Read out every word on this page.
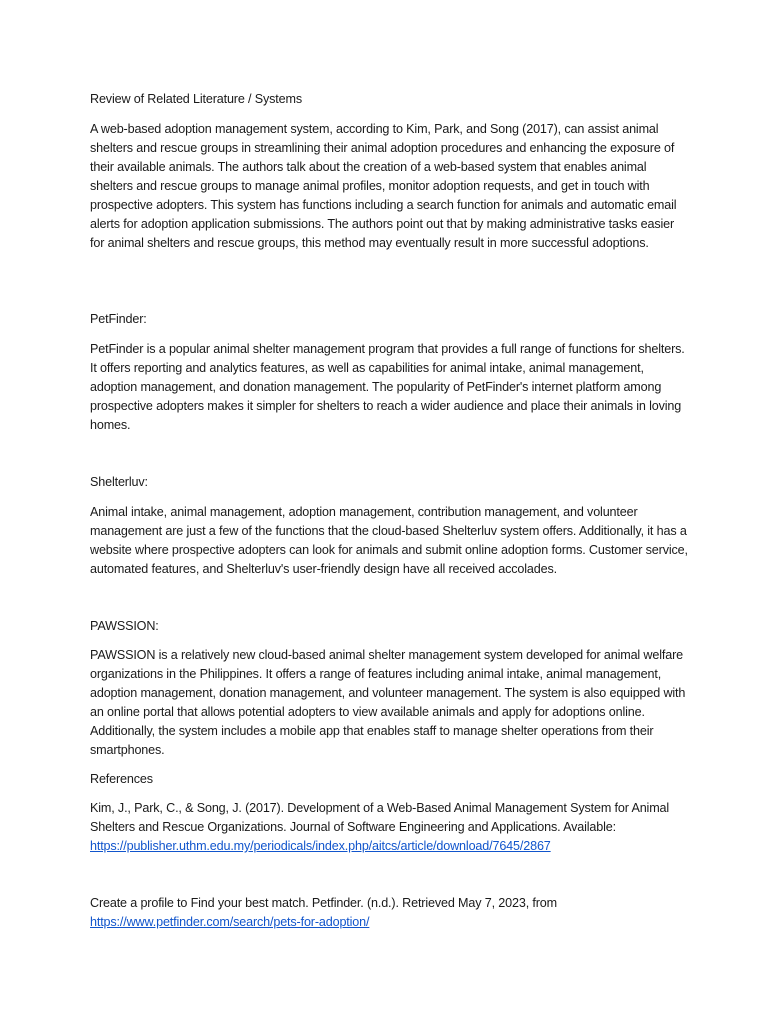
Review of Related Literature / Systems

A web-based adoption management system, according to Kim, Park, and Song (2017), can assist animal shelters and rescue groups in streamlining their animal adoption procedures and enhancing the exposure of their available animals. The authors talk about the creation of a web-based system that enables animal shelters and rescue groups to manage animal profiles, monitor adoption requests, and get in touch with prospective adopters. This system has functions including a search function for animals and automatic email alerts for adoption application submissions. The authors point out that by making administrative tasks easier for animal shelters and rescue groups, this method may eventually result in more successful adoptions.

PetFinder:

PetFinder is a popular animal shelter management program that provides a full range of functions for shelters. It offers reporting and analytics features, as well as capabilities for animal intake, animal management, adoption management, and donation management. The popularity of PetFinder's internet platform among prospective adopters makes it simpler for shelters to reach a wider audience and place their animals in loving homes.

Shelterluv:

Animal intake, animal management, adoption management, contribution management, and volunteer management are just a few of the functions that the cloud-based Shelterluv system offers. Additionally, it has a website where prospective adopters can look for animals and submit online adoption forms. Customer service, automated features, and Shelterluv's user-friendly design have all received accolades.

PAWSSION:

PAWSSION is a relatively new cloud-based animal shelter management system developed for animal welfare organizations in the Philippines. It offers a range of features including animal intake, animal management, adoption management, donation management, and volunteer management. The system is also equipped with an online portal that allows potential adopters to view available animals and apply for adoptions online. Additionally, the system includes a mobile app that enables staff to manage shelter operations from their smartphones.

References

Kim, J., Park, C., & Song, J. (2017). Development of a Web-Based Animal Management System for Animal Shelters and Rescue Organizations. Journal of Software Engineering and Applications. Available:
https://publisher.uthm.edu.my/periodicals/index.php/aitcs/article/download/7645/2867
Create a profile to Find your best match. Petfinder. (n.d.). Retrieved May 7, 2023, from
https://www.petfinder.com/search/pets-for-adoption/
